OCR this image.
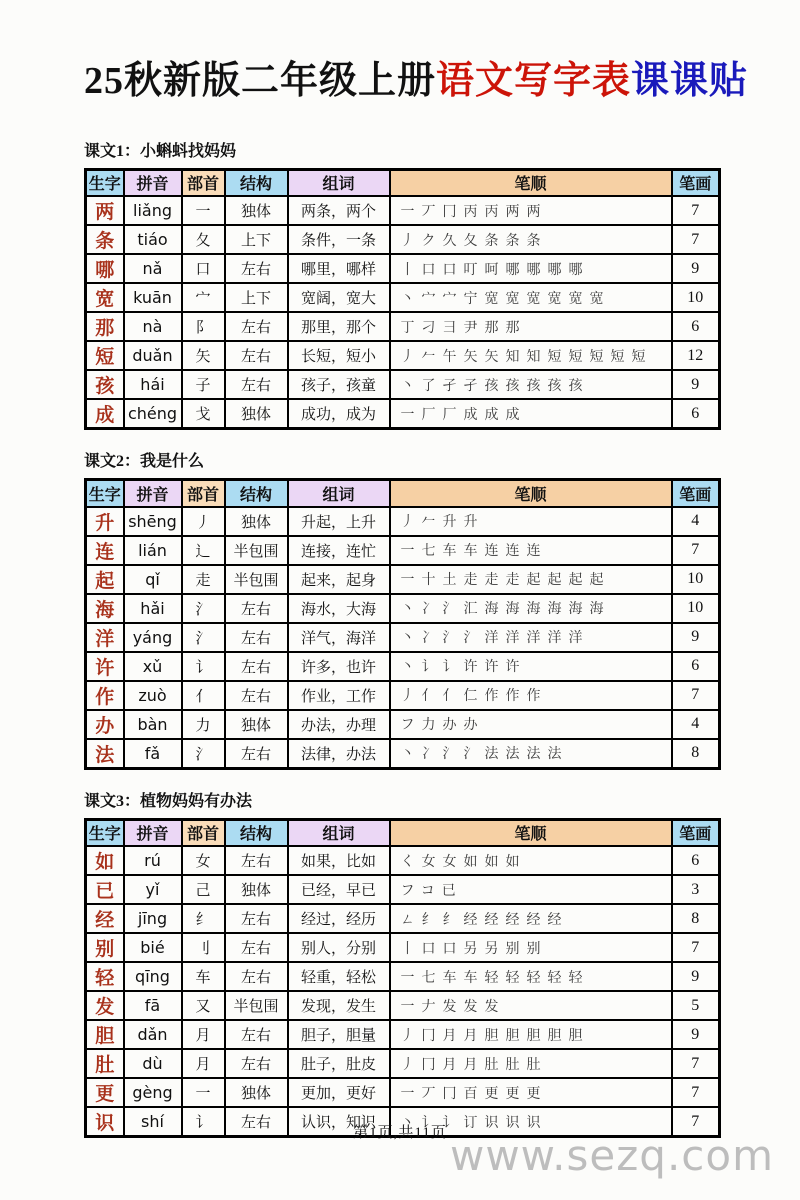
25秋新版二年级上册语文写字表课课贴
课文1：小蝌蚪找妈妈
生字	拼音	部首	结构	组词	笔顺	笔画
两	liǎng	一	独体	两条，两个	一丆冂丙丙两两	7
条	tiáo	夂	上下	条件，一条	丿ク久夂条条条	7
哪	nǎ	口	左右	哪里，哪样	丨口口叮呵哪哪哪哪	9
宽	kuān	宀	上下	宽阔，宽大	丶宀宀宁宽宽宽宽宽宽	10
那	nà	阝	左右	那里，那个	丁刁彐尹那那	6
短	duǎn	矢	左右	长短，短小	丿𠂉午矢矢知知短短短短短	12
孩	hái	子	左右	孩子，孩童	丶了孑孑孩孩孩孩孩	9
成	chéng	戈	独体	成功，成为	一厂厂成成成	6
课文2：我是什么
生字	拼音	部首	结构	组词	笔顺	笔画
升	shēng	丿	独体	升起，上升	丿𠂉升升	4
连	lián	辶	半包围	连接，连忙	一七车车连连连	7
起	qǐ	走	半包围	起来，起身	一十土走走走起起起起	10
海	hǎi	氵	左右	海水，大海	丶冫氵汇海海海海海海	10
洋	yáng	氵	左右	洋气，海洋	丶冫氵氵洋洋洋洋洋	9
许	xǔ	讠	左右	许多，也许	丶讠讠许许许	6
作	zuò	亻	左右	作业，工作	丿亻亻仁作作作	7
办	bàn	力	独体	办法，办理	フ力办办	4
法	fǎ	氵	左右	法律，办法	丶冫氵氵法法法法	8
课文3：植物妈妈有办法
生字	拼音	部首	结构	组词	笔顺	笔画
如	rú	女	左右	如果，比如	く女女如如如	6
已	yǐ	己	独体	已经，早已	フコ已	3
经	jīng	纟	左右	经过，经历	ㄥ纟纟经经经经经	8
别	bié	刂	左右	别人，分别	丨口口另另别别	7
轻	qīng	车	左右	轻重，轻松	一七车车轻轻轻轻轻	9
发	fā	又	半包围	发现，发生	一𠂇发发发	5
胆	dǎn	月	左右	胆子，胆量	丿冂月月胆胆胆胆胆	9
肚	dù	月	左右	肚子，肚皮	丿冂月月肚肚肚	7
更	gèng	一	独体	更加，更好	一丆冂百更更更	7
识	shí	讠	左右	认识，知识	丶讠讠订识识识	7
第1页,共11页 www.sezq.com
